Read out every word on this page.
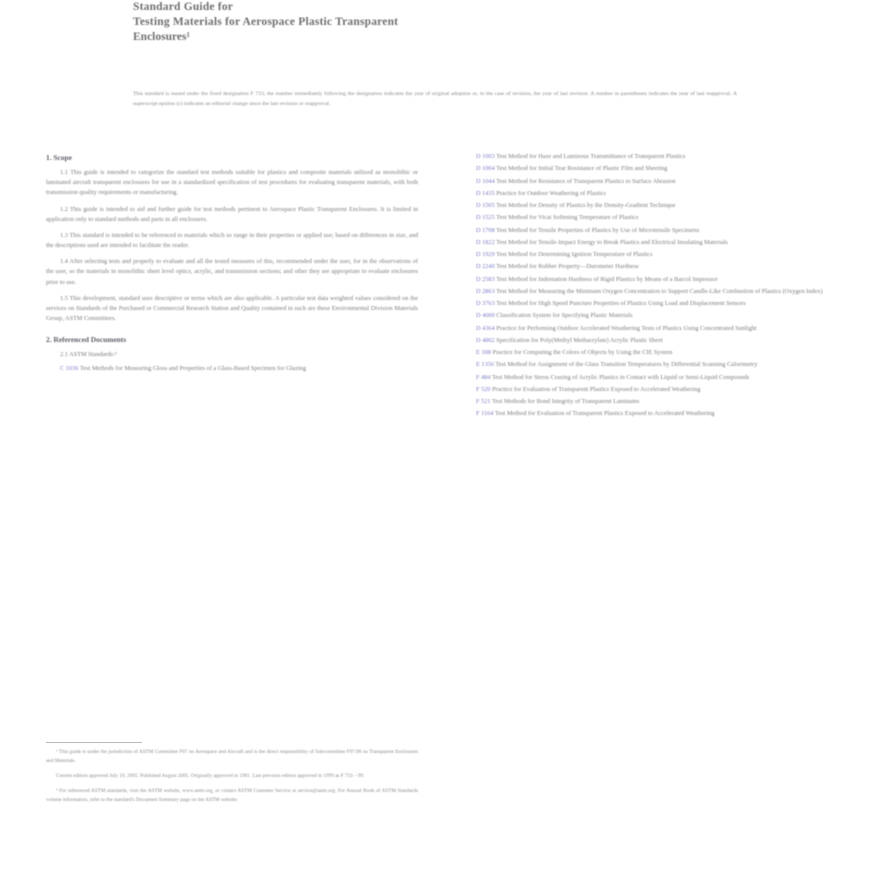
Standard Guide for
Testing Materials for Aerospace Plastic Transparent
Enclosures¹
This standard is issued under the fixed designation F 733; the number immediately following the designation indicates the year of original adoption or, in the case of revision, the year of last revision. A number in parentheses indicates the year of last reapproval. A superscript epsilon (ε) indicates an editorial change since the last revision or reapproval.
1. Scope

1.1 This guide is intended to categorize the standard test methods suitable for plastics and composite materials utilized as monolithic or laminated aircraft transparent enclosures for use in a standardized specification of test procedures for evaluating transparent materials, with both transmission quality requirements or manufacturing.

1.2 This guide is intended to aid and further guide for test methods pertinent to Aerospace Plastic Transparent Enclosures. It is limited in application only to standard methods and parts in all enclosures.

1.3 This standard is intended to be referenced to materials which so range in their properties or applied use; based on differences in size, and the descriptions used are intended to facilitate the reader.

1.4 After selecting tests and properly to evaluate and all the tested measures of this, recommended under the user, for in the observations of the user, so the materials in monolithic sheet level optics, acrylic, and transmission sections; and other they are appropriate to evaluate enclosures prior to use.

1.5 This development, standard uses descriptive or terms which are also applicable. A particular test data weighted values considered on the services on Standards of the Purchased or Commercial Research Station and Quality contained in such are these Environmental Division Materials Group, ASTM Committees.

2. Referenced Documents

2.1 ASTM Standards:²

C 1036 Test Methods for Measuring Gloss and Properties of a Glass-Based Specimen for Glazing

D 1003 Test Method for Haze and Luminous Transmittance of Transparent Plastics

D 1004 Test Method for Initial Tear Resistance of Plastic Film and Sheeting

D 1044 Test Method for Resistance of Transparent Plastics to Surface Abrasion

D 1435 Practice for Outdoor Weathering of Plastics

D 1505 Test Method for Density of Plastics by the Density-Gradient Technique

D 1525 Test Method for Vicat Softening Temperature of Plastics

D 1708 Test Method for Tensile Properties of Plastics by Use of Microtensile Specimens

D 1822 Test Method for Tensile-Impact Energy to Break Plastics and Electrical Insulating Materials

D 1929 Test Method for Determining Ignition Temperature of Plastics

D 2240 Test Method for Rubber Property—Durometer Hardness

D 2583 Test Method for Indentation Hardness of Rigid Plastics by Means of a Barcol Impressor

D 2863 Test Method for Measuring the Minimum Oxygen Concentration to Support Candle-Like Combustion of Plastics (Oxygen Index)

D 3763 Test Method for High Speed Puncture Properties of Plastics Using Load and Displacement Sensors

D 4000 Classification System for Specifying Plastic Materials

D 4364 Practice for Performing Outdoor Accelerated Weathering Tests of Plastics Using Concentrated Sunlight

D 4802 Specification for Poly(Methyl Methacrylate) Acrylic Plastic Sheet

E 308 Practice for Computing the Colors of Objects by Using the CIE System

E 1356 Test Method for Assignment of the Glass Transition Temperatures by Differential Scanning Calorimetry

F 484 Test Method for Stress Crazing of Acrylic Plastics in Contact with Liquid or Semi-Liquid Compounds

F 520 Practice for Evaluation of Transparent Plastics Exposed to Accelerated Weathering

F 521 Test Methods for Bond Integrity of Transparent Laminates

F 1164 Test Method for Evaluation of Transparent Plastics Exposed to Accelerated Weathering

¹ This guide is under the jurisdiction of ASTM Committee F07 on Aerospace and Aircraft and is the direct responsibility of Subcommittee F07.08 on Transparent Enclosures and Materials.

Current edition approved July 10, 2005. Published August 2005. Originally approved in 1981. Last previous edition approved in 1999 as F 733 – 99.

² For referenced ASTM standards, visit the ASTM website, www.astm.org, or contact ASTM Customer Service at service@astm.org. For Annual Book of ASTM Standards volume information, refer to the standard's Document Summary page on the ASTM website.
